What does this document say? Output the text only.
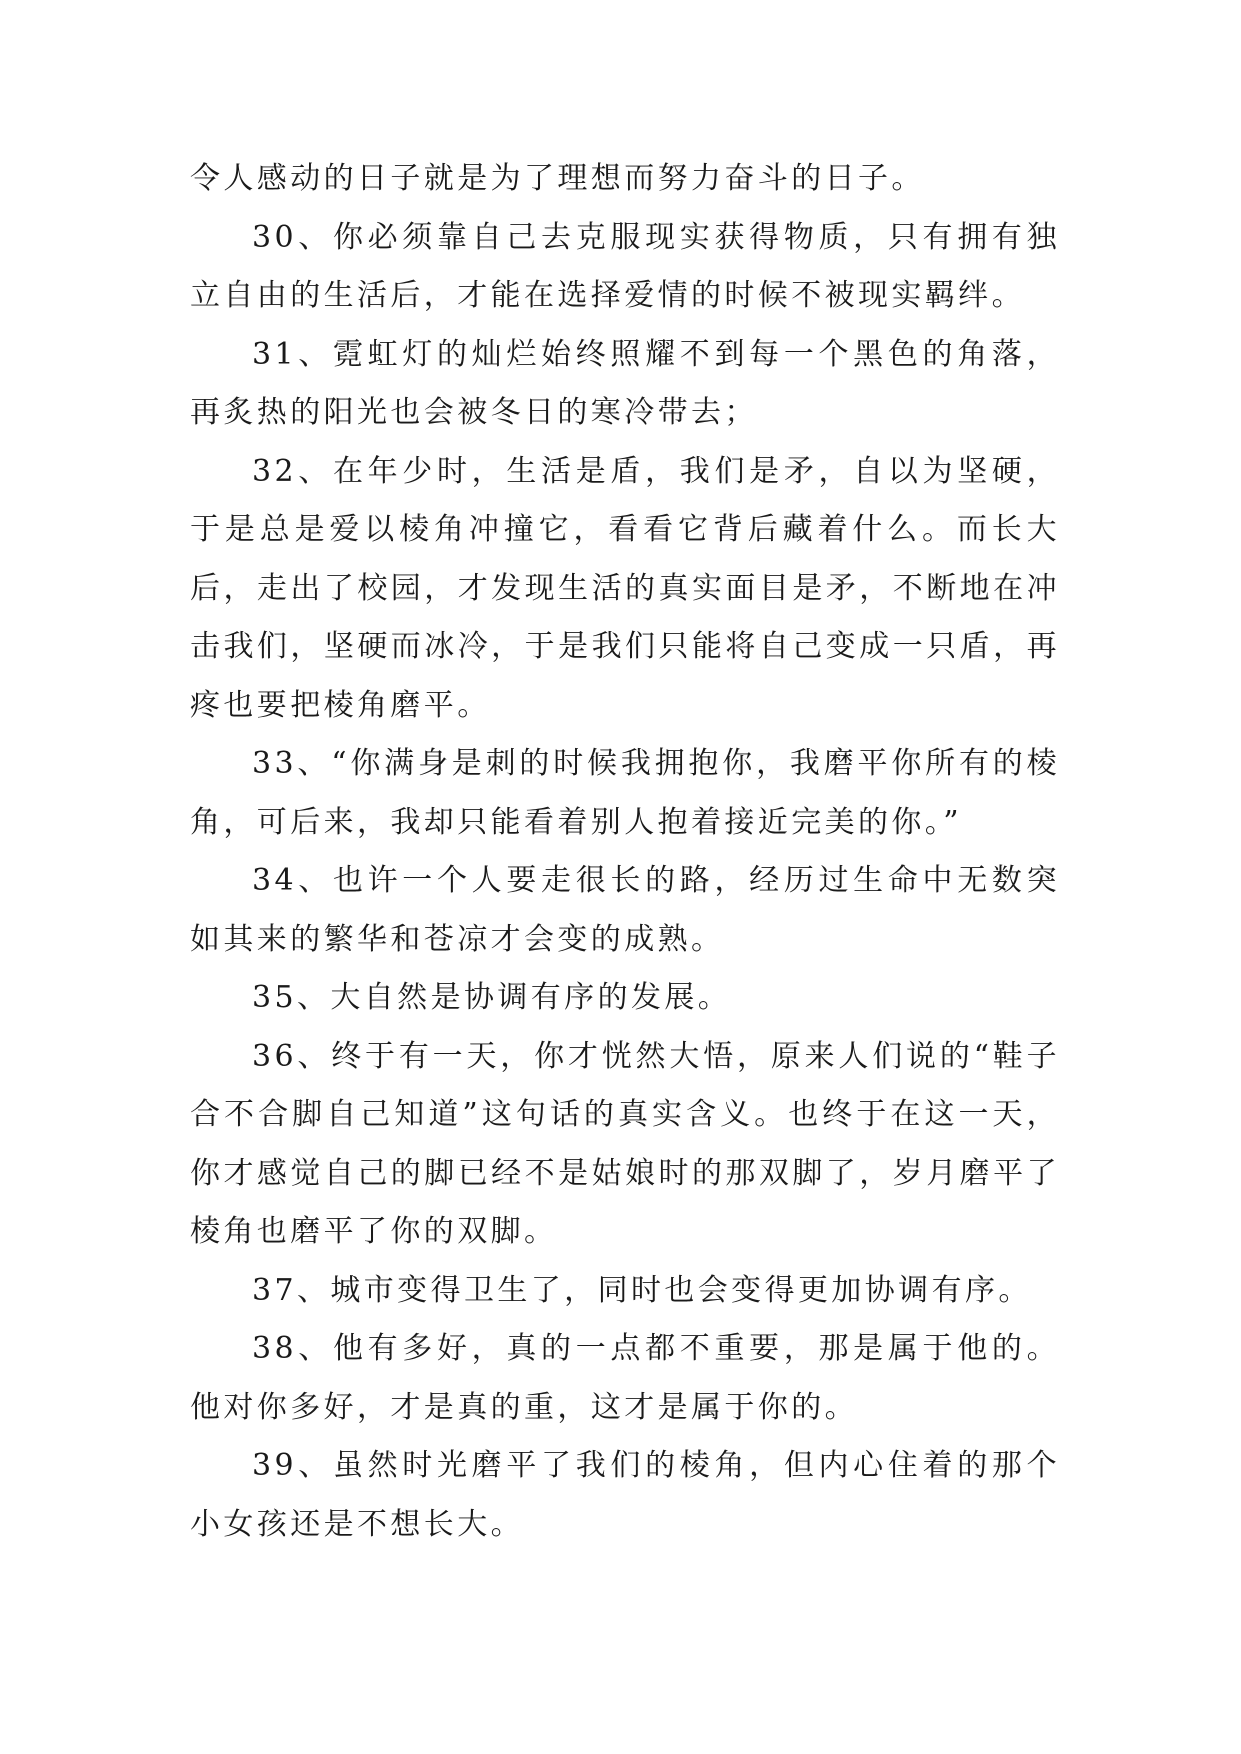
令人感动的日子就是为了理想而努力奋斗的日子。

30、你必须靠自己去克服现实获得物质，只有拥有独立自由的生活后，才能在选择爱情的时候不被现实羁绊。

31、霓虹灯的灿烂始终照耀不到每一个黑色的角落，再炙热的阳光也会被冬日的寒冷带去；

32、在年少时，生活是盾，我们是矛，自以为坚硬，于是总是爱以棱角冲撞它，看看它背后藏着什么。而长大后，走出了校园，才发现生活的真实面目是矛，不断地在冲击我们，坚硬而冰冷，于是我们只能将自己变成一只盾，再疼也要把棱角磨平。

33、“你满身是刺的时候我拥抱你，我磨平你所有的棱角，可后来，我却只能看着别人抱着接近完美的你。”

34、也许一个人要走很长的路，经历过生命中无数突如其来的繁华和苍凉才会变的成熟。

35、大自然是协调有序的发展。

36、终于有一天，你才恍然大悟，原来人们说的“鞋子合不合脚自己知道”这句话的真实含义。也终于在这一天，你才感觉自己的脚已经不是姑娘时的那双脚了，岁月磨平了棱角也磨平了你的双脚。

37、城市变得卫生了，同时也会变得更加协调有序。

38、他有多好，真的一点都不重要，那是属于他的。他对你多好，才是真的重，这才是属于你的。

39、虽然时光磨平了我们的棱角，但内心住着的那个小女孩还是不想长大。
